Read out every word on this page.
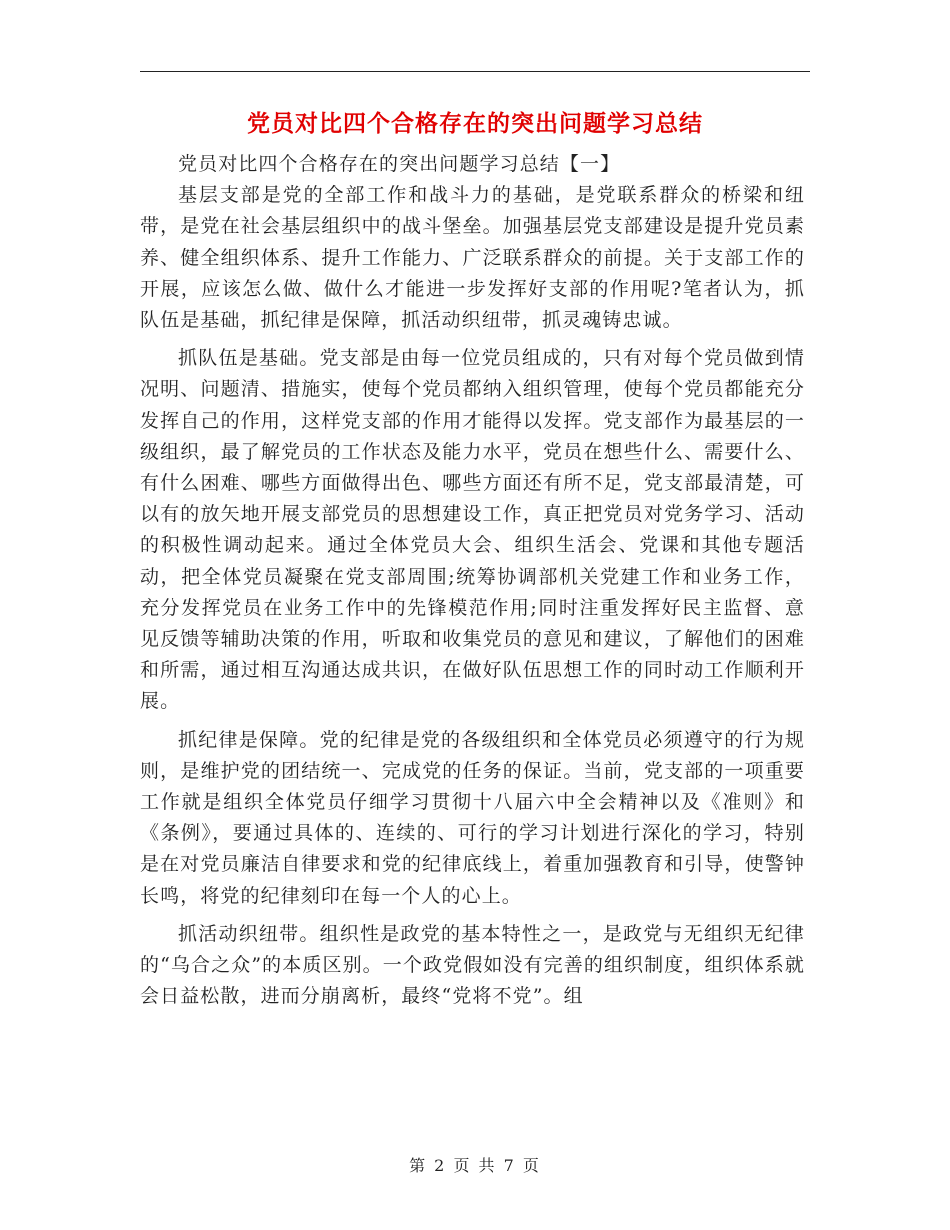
党员对比四个合格存在的突出问题学习总结

党员对比四个合格存在的突出问题学习总结【一】

基层支部是党的全部工作和战斗力的基础，是党联系群众的桥梁和纽带，是党在社会基层组织中的战斗堡垒。加强基层党支部建设是提升党员素养、健全组织体系、提升工作能力、广泛联系群众的前提。关于支部工作的开展，应该怎么做、做什么才能进一步发挥好支部的作用呢?笔者认为，抓队伍是基础，抓纪律是保障，抓活动织纽带，抓灵魂铸忠诚。

抓队伍是基础。党支部是由每一位党员组成的，只有对每个党员做到情况明、问题清、措施实，使每个党员都纳入组织管理，使每个党员都能充分发挥自己的作用，这样党支部的作用才能得以发挥。党支部作为最基层的一级组织，最了解党员的工作状态及能力水平，党员在想些什么、需要什么、有什么困难、哪些方面做得出色、哪些方面还有所不足，党支部最清楚，可以有的放矢地开展支部党员的思想建设工作，真正把党员对党务学习、活动的积极性调动起来。通过全体党员大会、组织生活会、党课和其他专题活动，把全体党员凝聚在党支部周围;统筹协调部机关党建工作和业务工作，充分发挥党员在业务工作中的先锋模范作用;同时注重发挥好民主监督、意见反馈等辅助决策的作用，听取和收集党员的意见和建议，了解他们的困难和所需，通过相互沟通达成共识，在做好队伍思想工作的同时动工作顺利开展。

抓纪律是保障。党的纪律是党的各级组织和全体党员必须遵守的行为规则，是维护党的团结统一、完成党的任务的保证。当前，党支部的一项重要工作就是组织全体党员仔细学习贯彻十八届六中全会精神以及《准则》和《条例》，要通过具体的、连续的、可行的学习计划进行深化的学习，特别是在对党员廉洁自律要求和党的纪律底线上，着重加强教育和引导，使警钟长鸣，将党的纪律刻印在每一个人的心上。

抓活动织纽带。组织性是政党的基本特性之一，是政党与无组织无纪律的“乌合之众”的本质区别。一个政党假如没有完善的组织制度，组织体系就会日益松散，进而分崩离析，最终“党将不党”。组

第 2 页 共 7 页
